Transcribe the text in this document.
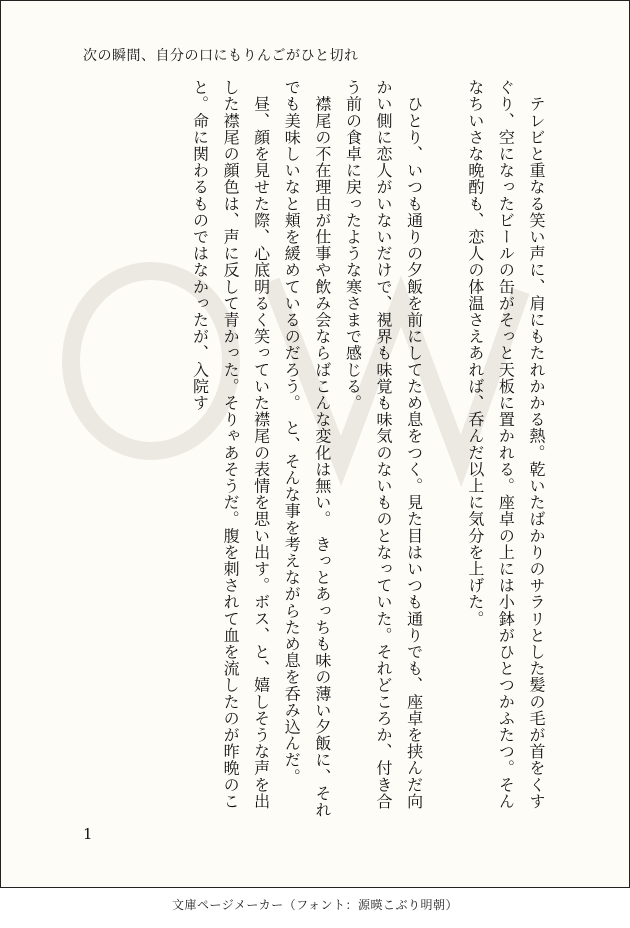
次の瞬間、自分の口にもりんごがひと切れ

　テレビと重なる笑い声に、肩にもたれかかる熱。乾いたばかりのサラリとした髪の毛が首をくすぐり、空になったビールの缶がそっと天板に置かれる。座卓の上には小鉢がひとつかふたつ。そんなちいさな晩酌も、恋人の体温さえあれば、呑んだ以上に気分を上げた。

　ひとり、いつも通りの夕飯を前にしてため息をつく。見た目はいつも通りでも、座卓を挟んだ向かい側に恋人がいないだけで、視界も味覚も味気のないものとなっていた。それどころか、付き合う前の食卓に戻ったような寒さまで感じる。

　襟尾の不在理由が仕事や飲み会ならばこんな変化は無い。　きっとあっちも味の薄い夕飯に、それでも美味しいなと頬を緩めているのだろう。　と、そんな事を考えながらため息を呑み込んだ。

　昼、顔を見せた際、心底明るく笑っていた襟尾の表情を思い出す。ボス、と、嬉しそうな声を出した襟尾の顔色は、声に反して青かった。そりゃあそうだ。腹を刺されて血を流したのが昨晩のこと。命に関わるものではなかったが、入院す

1
文庫ページメーカー（フォント：源暎こぶり明朝）
